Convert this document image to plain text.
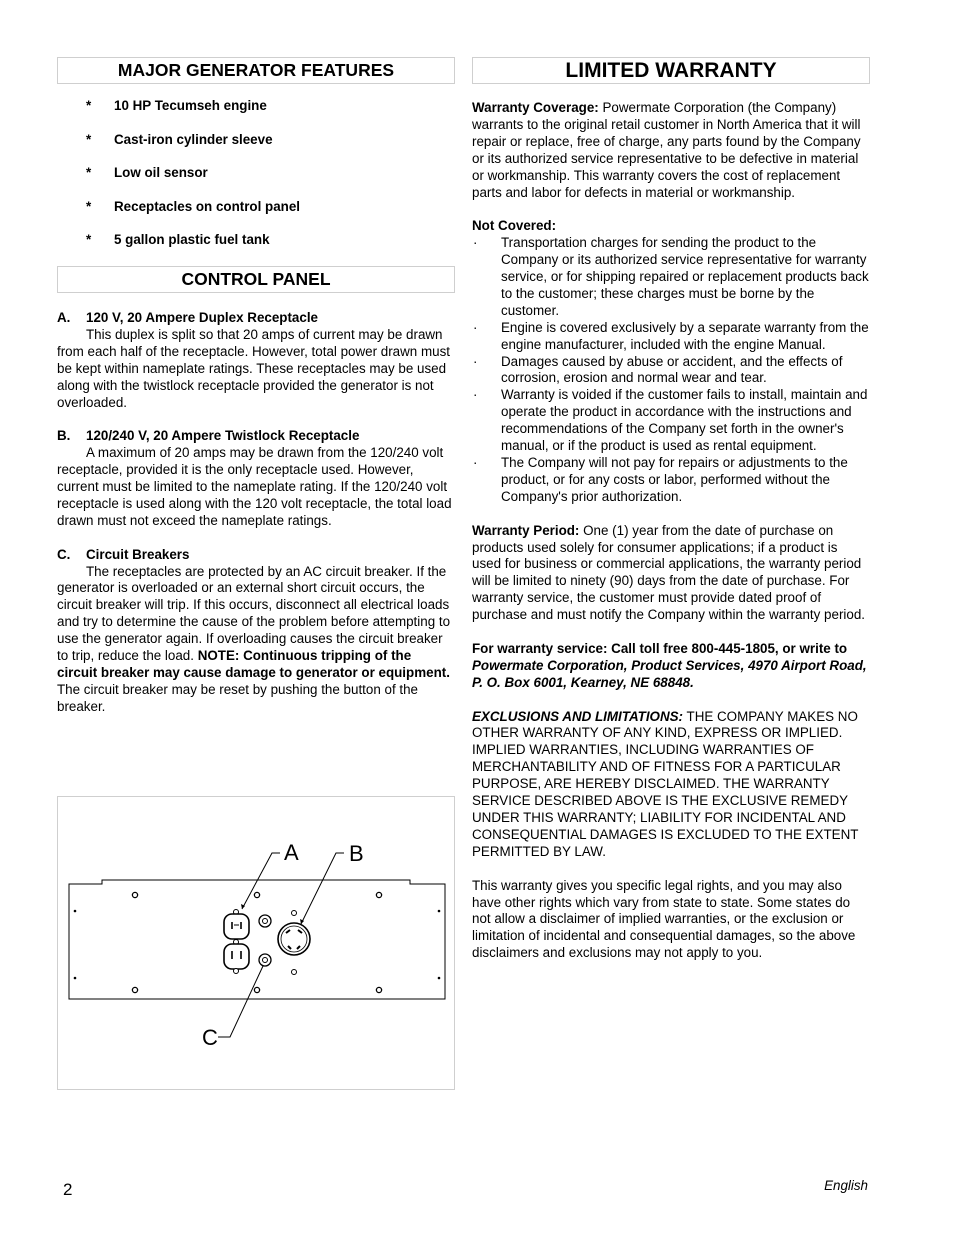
MAJOR GENERATOR FEATURES
* 10 HP Tecumseh engine
* Cast-iron cylinder sleeve
* Low oil sensor
* Receptacles on control panel
* 5 gallon plastic fuel tank
CONTROL PANEL
A.	120 V, 20 Ampere Duplex Receptacle

This duplex is split so that 20 amps of current may be drawn from each half of the receptacle. However, total power drawn must be kept within nameplate ratings. These receptacles may be used along with the twistlock receptacle provided the generator is not overloaded.

B.	120/240 V, 20 Ampere Twistlock Receptacle

A maximum of 20 amps may be drawn from the 120/240 volt receptacle, provided it is the only receptacle used. However, current must be limited to the nameplate rating. If the 120/240 volt receptacle is used along with the 120 volt receptacle, the total load drawn must not exceed the nameplate ratings.

C.	Circuit Breakers

The receptacles are protected by an AC circuit breaker. If the generator is overloaded or an external short circuit occurs, the circuit breaker will trip. If this occurs, disconnect all electrical loads and try to determine the cause of the problem before attempting to use the generator again. If overloading causes the circuit breaker to trip, reduce the load. NOTE: Continuous tripping of the circuit breaker may cause damage to generator or equipment. The circuit breaker may be reset by pushing the button of the breaker.

A B
C
LIMITED WARRANTY

Warranty Coverage: Powermate Corporation (the Company) warrants to the original retail customer in North America that it will repair or replace, free of charge, any parts found by the Company or its authorized service representative to be defective in material or workmanship. This warranty covers the cost of replacement parts and labor for defects in material or workmanship.

Not Covered:

· Transportation charges for sending the product to the Company or its authorized service representative for warranty service, or for shipping repaired or replacement products back to the customer; these charges must be borne by the customer.
· Engine is covered exclusively by a separate warranty from the engine manufacturer, included with the engine Manual.
· Damages caused by abuse or accident, and the effects of corrosion, erosion and normal wear and tear.
· Warranty is voided if the customer fails to install, maintain and operate the product in accordance with the instructions and recommendations of the Company set forth in the owner's manual, or if the product is used as rental equipment.
· The Company will not pay for repairs or adjustments to the product, or for any costs or labor, performed without the Company's prior authorization.

Warranty Period: One (1) year from the date of purchase on products used solely for consumer applications; if a product is used for business or commercial applications, the warranty period will be limited to ninety (90) days from the date of purchase. For warranty service, the customer must provide dated proof of purchase and must notify the Company within the warranty period.

For warranty service: Call toll free 800-445-1805, or write to Powermate Corporation, Product Services, 4970 Airport Road, P. O. Box 6001, Kearney, NE 68848.

EXCLUSIONS AND LIMITATIONS: THE COMPANY MAKES NO OTHER WARRANTY OF ANY KIND, EXPRESS OR IMPLIED. IMPLIED WARRANTIES, INCLUDING WARRANTIES OF MERCHANTABILITY AND OF FITNESS FOR A PARTICULAR PURPOSE, ARE HEREBY DISCLAIMED. THE WARRANTY SERVICE DESCRIBED ABOVE IS THE EXCLUSIVE REMEDY UNDER THIS WARRANTY; LIABILITY FOR INCIDENTAL AND CONSEQUENTIAL DAMAGES IS EXCLUDED TO THE EXTENT PERMITTED BY LAW.

This warranty gives you specific legal rights, and you may also have other rights which vary from state to state. Some states do not allow a disclaimer of implied warranties, or the exclusion or limitation of incidental and consequential damages, so the above disclaimers and exclusions may not apply to you.

2	English
